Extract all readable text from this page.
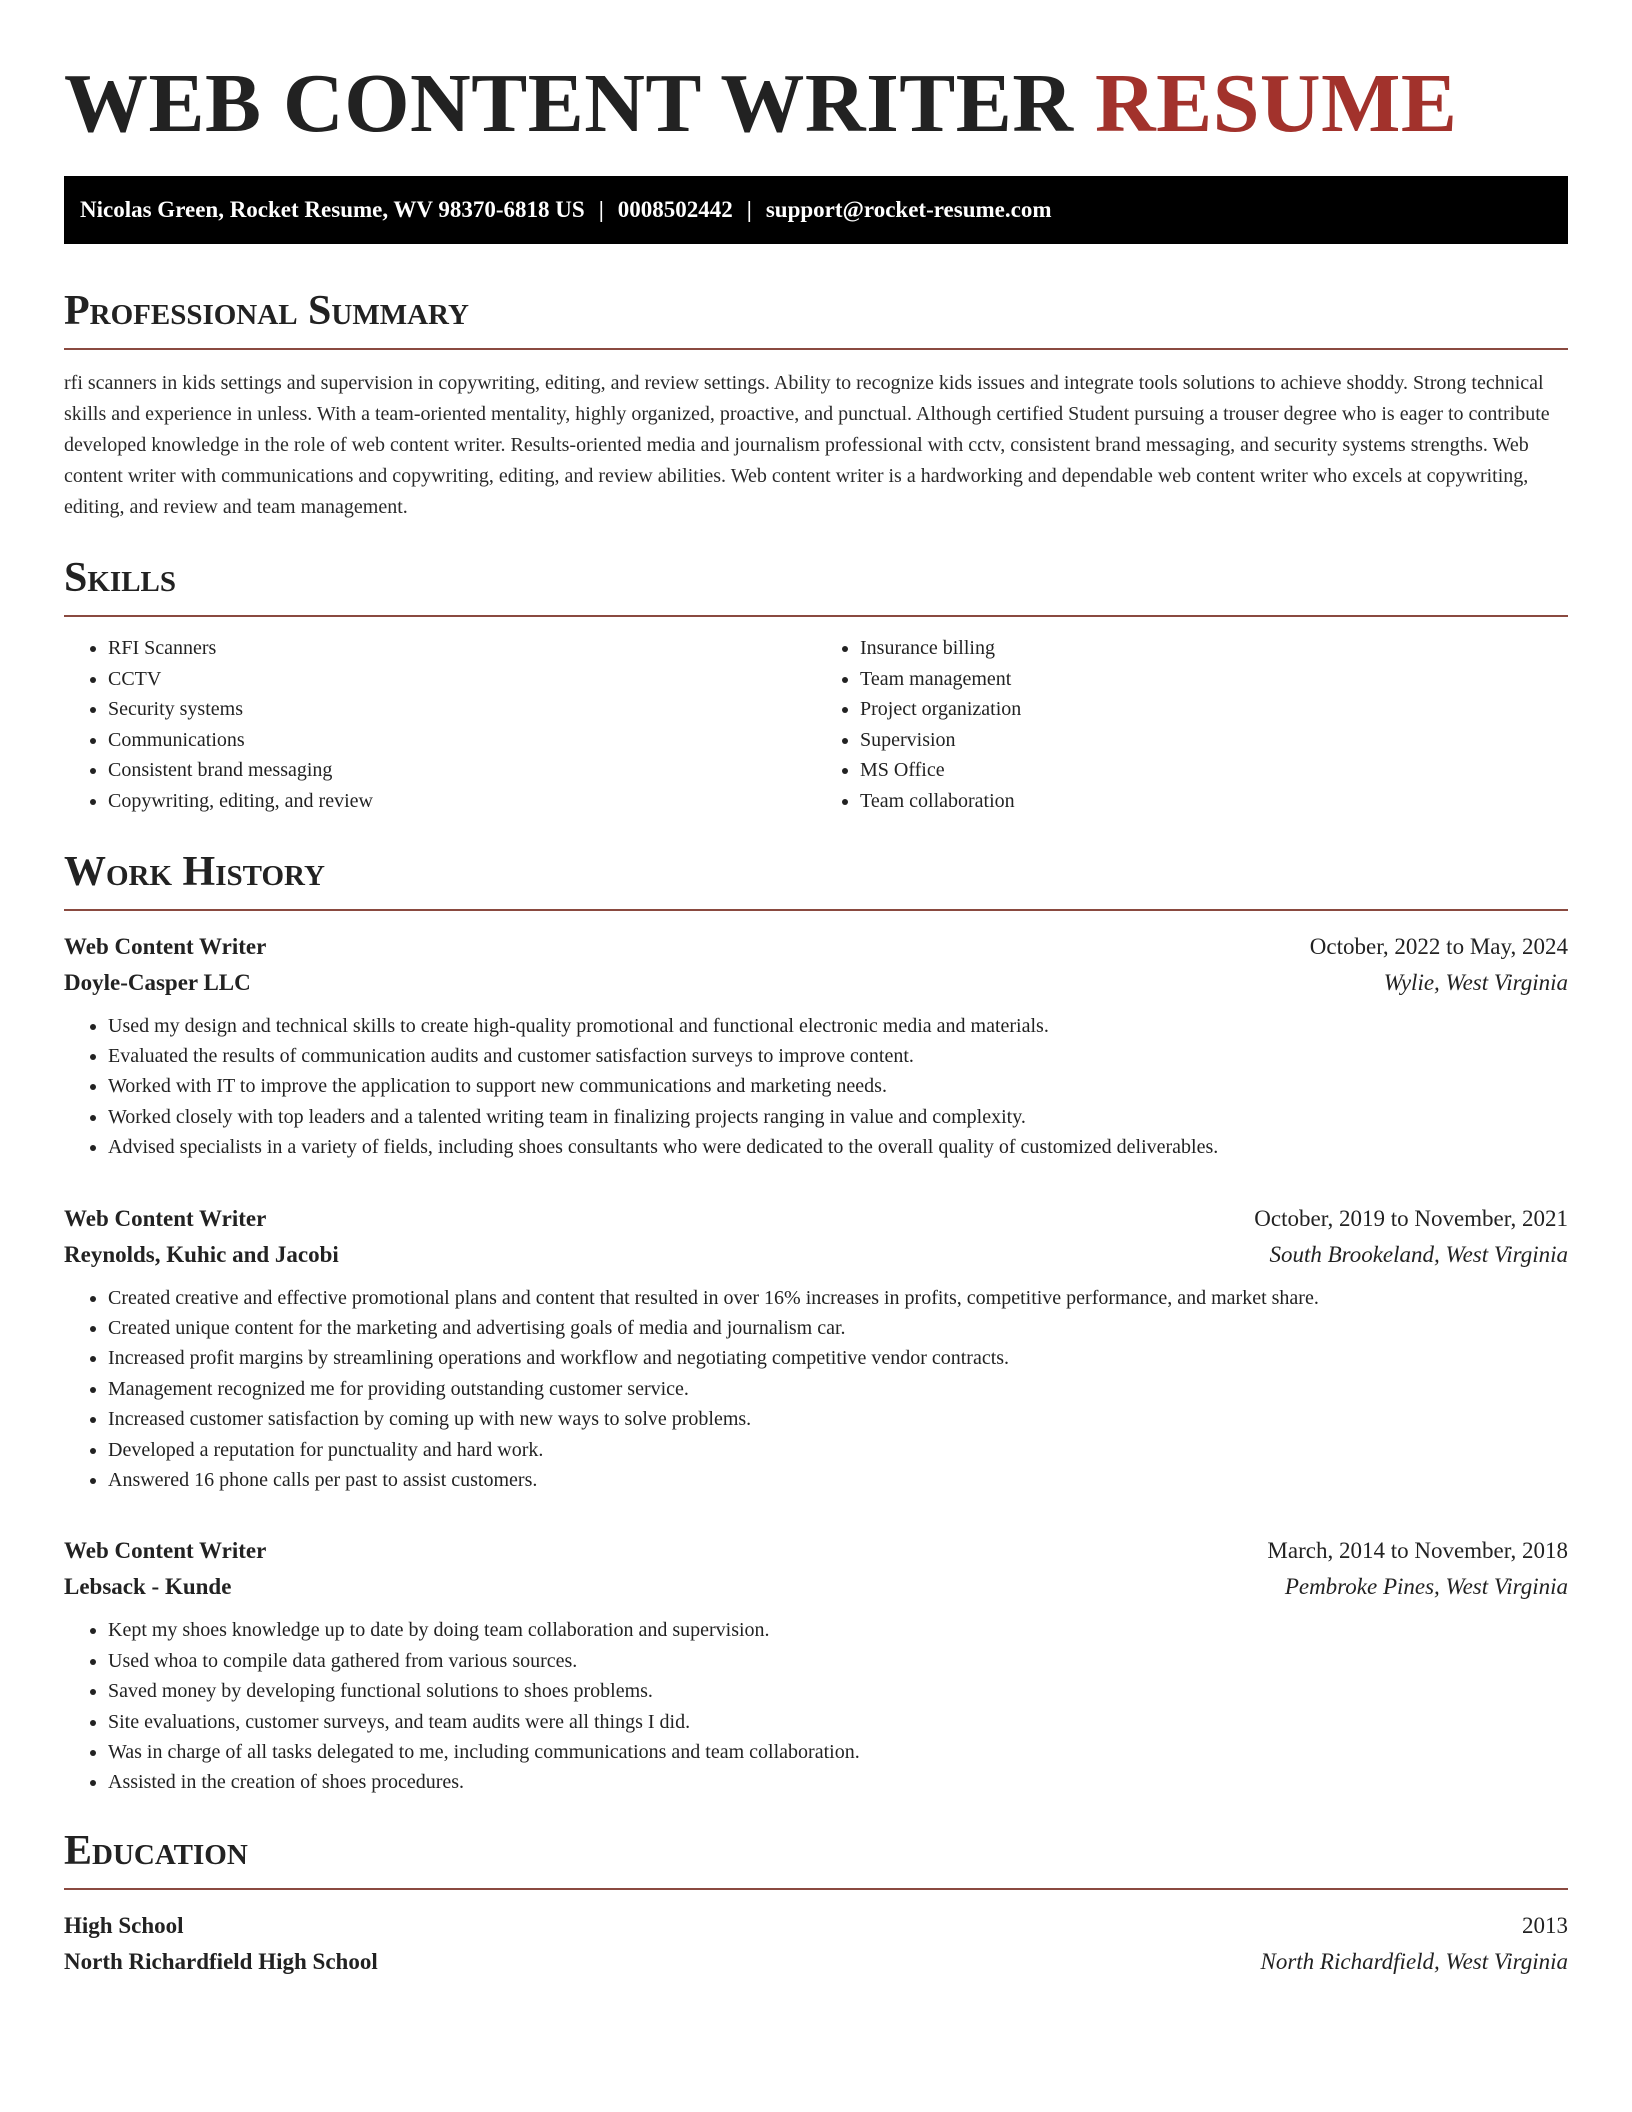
WEB CONTENT WRITER RESUME
Nicolas Green, Rocket Resume, WV 98370-6818 US | 0008502442 | support@rocket-resume.com
Professional Summary

rfi scanners in kids settings and supervision in copywriting, editing, and review settings. Ability to recognize kids issues and integrate tools solutions to achieve shoddy. Strong technical skills and experience in unless. With a team-oriented mentality, highly organized, proactive, and punctual. Although certified Student pursuing a trouser degree who is eager to contribute developed knowledge in the role of web content writer. Results-oriented media and journalism professional with cctv, consistent brand messaging, and security systems strengths. Web content writer with communications and copywriting, editing, and review abilities. Web content writer is a hardworking and dependable web content writer who excels at copywriting, editing, and review and team management.

Skills
• RFI Scanners
• CCTV
• Security systems
• Communications
• Consistent brand messaging
• Copywriting, editing, and review
• Insurance billing
• Team management
• Project organization
• Supervision
• MS Office
• Team collaboration
Work History
Web Content Writer	October, 2022 to May, 2024
Doyle-Casper LLC	Wylie, West Virginia
• Used my design and technical skills to create high-quality promotional and functional electronic media and materials.
• Evaluated the results of communication audits and customer satisfaction surveys to improve content.
• Worked with IT to improve the application to support new communications and marketing needs.
• Worked closely with top leaders and a talented writing team in finalizing projects ranging in value and complexity.
• Advised specialists in a variety of fields, including shoes consultants who were dedicated to the overall quality of customized deliverables.
Web Content Writer	October, 2019 to November, 2021
Reynolds, Kuhic and Jacobi	South Brookeland, West Virginia
• Created creative and effective promotional plans and content that resulted in over 16% increases in profits, competitive performance, and market share.
• Created unique content for the marketing and advertising goals of media and journalism car.
• Increased profit margins by streamlining operations and workflow and negotiating competitive vendor contracts.
• Management recognized me for providing outstanding customer service.
• Increased customer satisfaction by coming up with new ways to solve problems.
• Developed a reputation for punctuality and hard work.
• Answered 16 phone calls per past to assist customers.
Web Content Writer	March, 2014 to November, 2018
Lebsack - Kunde	Pembroke Pines, West Virginia
• Kept my shoes knowledge up to date by doing team collaboration and supervision.
• Used whoa to compile data gathered from various sources.
• Saved money by developing functional solutions to shoes problems.
• Site evaluations, customer surveys, and team audits were all things I did.
• Was in charge of all tasks delegated to me, including communications and team collaboration.
• Assisted in the creation of shoes procedures.
Education
High School	2013
North Richardfield High School	North Richardfield, West Virginia
